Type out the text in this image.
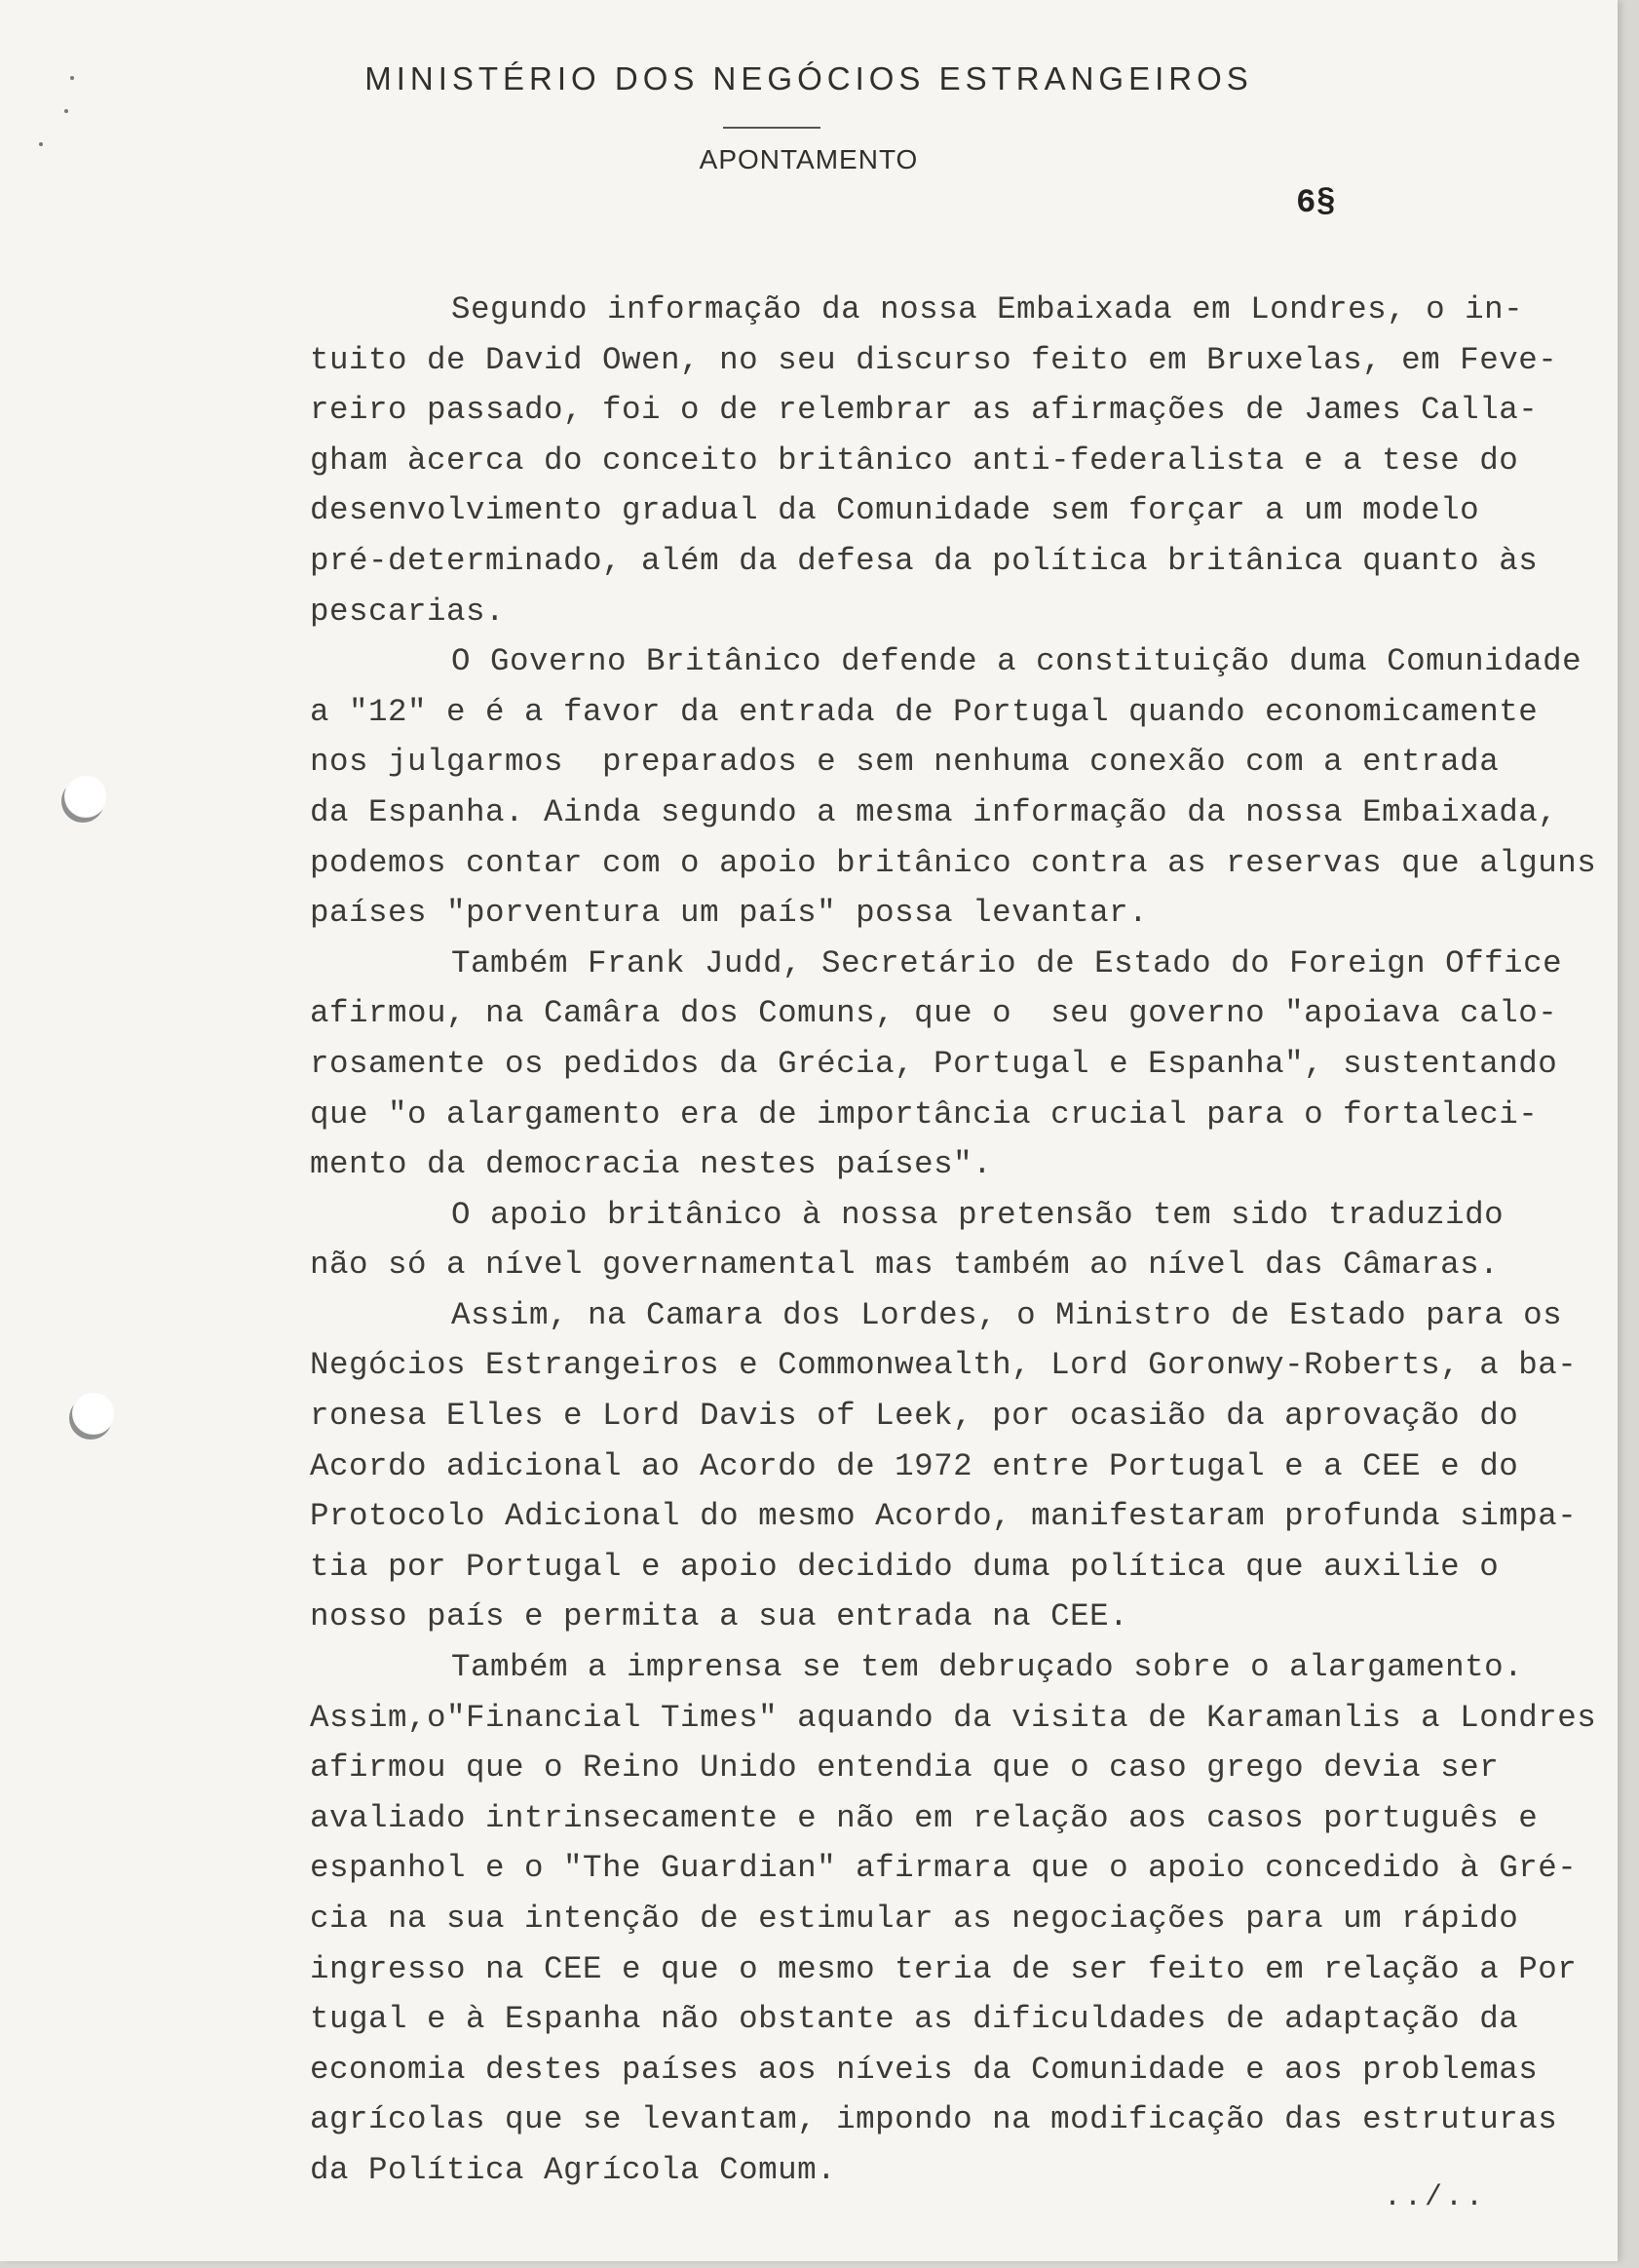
MINISTÉRIO DOS NEGÓCIOS ESTRANGEIROS
APONTAMENTO
6§
Segundo informação da nossa Embaixada em Londres, o in-
tuito de David Owen, no seu discurso feito em Bruxelas, em Feve-
reiro passado, foi o de relembrar as afirmações de James Calla-
gham àcerca do conceito britânico anti-federalista e a tese do
desenvolvimento gradual da Comunidade sem forçar a um modelo
pré-determinado, além da defesa da política britânica quanto às
pescarias.
O Governo Britânico defende a constituição duma Comunidade
a "12" e é a favor da entrada de Portugal quando economicamente
nos julgarmos  preparados e sem nenhuma conexão com a entrada
da Espanha. Ainda segundo a mesma informação da nossa Embaixada,
podemos contar com o apoio britânico contra as reservas que alguns
países "porventura um país" possa levantar.
Também Frank Judd, Secretário de Estado do Foreign Office
afirmou, na Camâra dos Comuns, que o  seu governo "apoiava calo-
rosamente os pedidos da Grécia, Portugal e Espanha", sustentando
que "o alargamento era de importância crucial para o fortaleci-
mento da democracia nestes países".
O apoio britânico à nossa pretensão tem sido traduzido
não só a nível governamental mas também ao nível das Câmaras.
Assim, na Camara dos Lordes, o Ministro de Estado para os
Negócios Estrangeiros e Commonwealth, Lord Goronwy-Roberts, a ba-
ronesa Elles e Lord Davis of Leek, por ocasião da aprovação do
Acordo adicional ao Acordo de 1972 entre Portugal e a CEE e do
Protocolo Adicional do mesmo Acordo, manifestaram profunda simpa-
tia por Portugal e apoio decidido duma política que auxilie o
nosso país e permita a sua entrada na CEE.
Também a imprensa se tem debruçado sobre o alargamento.
Assim,o"Financial Times" aquando da visita de Karamanlis a Londres
afirmou que o Reino Unido entendia que o caso grego devia ser
avaliado intrinsecamente e não em relação aos casos português e
espanhol e o "The Guardian" afirmara que o apoio concedido à Gré-
cia na sua intenção de estimular as negociações para um rápido
ingresso na CEE e que o mesmo teria de ser feito em relação a Por
tugal e à Espanha não obstante as dificuldades de adaptação da
economia destes países aos níveis da Comunidade e aos problemas
agrícolas que se levantam, impondo na modificação das estruturas
da Política Agrícola Comum.
../..
